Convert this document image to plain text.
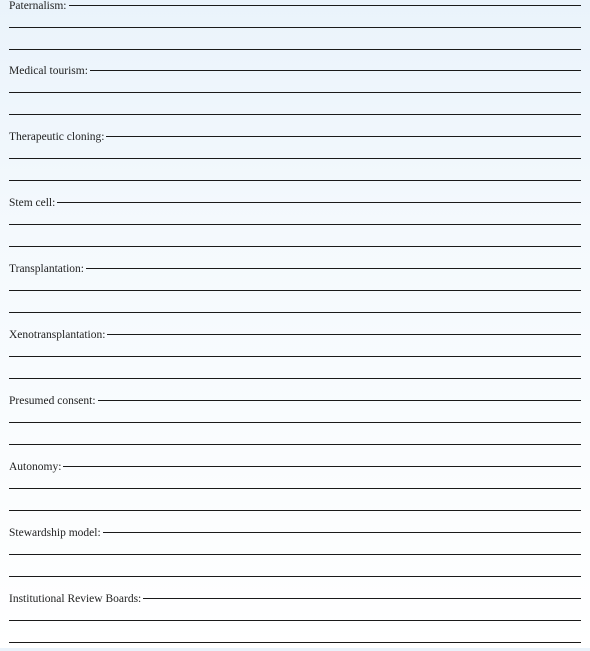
Paternalism:
Medical tourism:
Therapeutic cloning:
Stem cell:
Transplantation:
Xenotransplantation:
Presumed consent:
Autonomy:
Stewardship model:
Institutional Review Boards:
